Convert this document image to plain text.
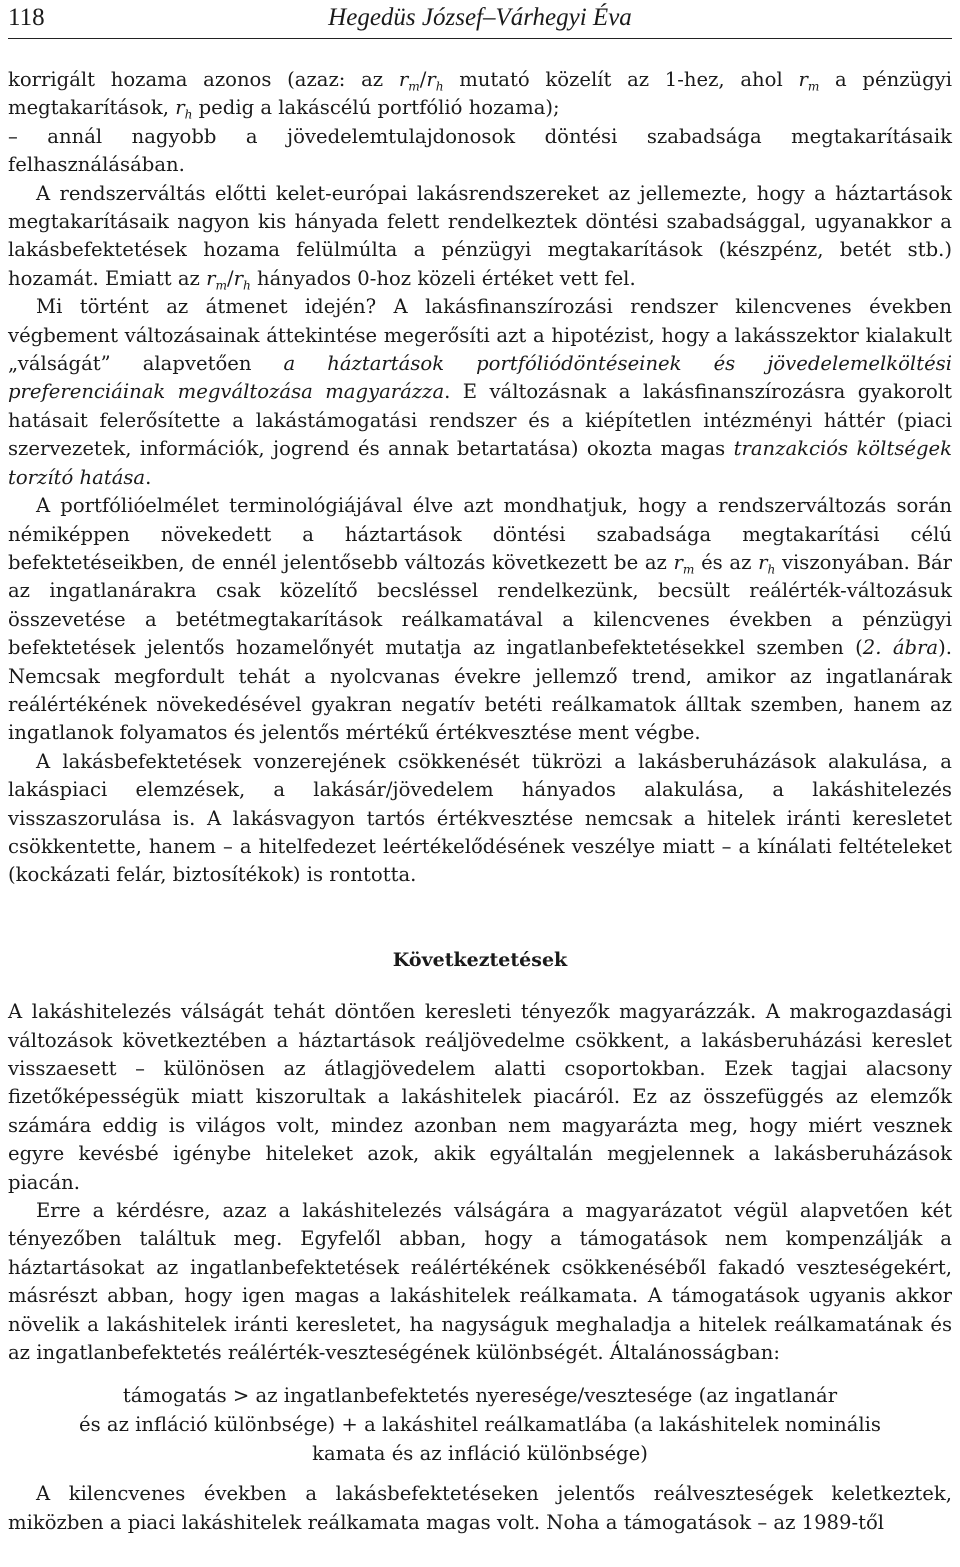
118	Hegedüs József–Várhegyi Éva

korrigált hozama azonos (azaz: az $r_m/r_h$ mutató közelít az 1-hez, ahol $r_m$ a pénzügyi megtakarítások, $r_h$ pedig a lakáscélú portfólió hozama);

– annál nagyobb a jövedelemtulajdonosok döntési szabadsága megtakarításaik felhasználásában.

A rendszerváltás előtti kelet-európai lakásrendszereket az jellemezte, hogy a háztartások megtakarításaik nagyon kis hányada felett rendelkeztek döntési szabadsággal, ugyanakkor a lakásbefektetések hozama felülmúlta a pénzügyi megtakarítások (készpénz, betét stb.) hozamát. Emiatt az $r_m/r_h$ hányados 0-hoz közeli értéket vett fel.

Mi történt az átmenet idején? A lakásfinanszírozási rendszer kilencvenes években végbement változásainak áttekintése megerősíti azt a hipotézist, hogy a lakásszektor kialakult „válságát” alapvetően a háztartások portfóliódöntéseinek és jövedelemelköltési preferenciáinak megváltozása magyarázza. E változásnak a lakásfinanszírozásra gyakorolt hatásait felerősítette a lakástámogatási rendszer és a kiépítetlen intézményi háttér (piaci szervezetek, információk, jogrend és annak betartatása) okozta magas tranzakciós költségek torzító hatása.

A portfólióelmélet terminológiájával élve azt mondhatjuk, hogy a rendszerváltozás során némiképpen növekedett a háztartások döntési szabadsága megtakarítási célú befektetéseikben, de ennél jelentősebb változás következett be az $r_m$ és az $r_h$ viszonyában. Bár az ingatlanárakra csak közelítő becsléssel rendelkezünk, becsült reálérték-változásuk összevetése a betétmegtakarítások reálkamatával a kilencvenes években a pénzügyi befektetések jelentős hozamelőnyét mutatja az ingatlanbefektetésekkel szemben (2. ábra). Nemcsak megfordult tehát a nyolcvanas évekre jellemző trend, amikor az ingatlanárak reálértékének növekedésével gyakran negatív betéti reálkamatok álltak szemben, hanem az ingatlanok folyamatos és jelentős mértékű értékvesztése ment végbe.

A lakásbefektetések vonzerejének csökkenését tükrözi a lakásberuházások alakulása, a lakáspiaci elemzések, a lakásár/jövedelem hányados alakulása, a lakáshitelezés visszaszorulása is. A lakásvagyon tartós értékvesztése nemcsak a hitelek iránti keresletet csökkentette, hanem – a hitelfedezet leértékelődésének veszélye miatt – a kínálati feltételeket (kockázati felár, biztosítékok) is rontotta.

Következtetések

A lakáshitelezés válságát tehát döntően keresleti tényezők magyarázzák. A makrogazdasági változások következtében a háztartások reáljövedelme csökkent, a lakásberuházási kereslet visszaesett – különösen az átlagjövedelem alatti csoportokban. Ezek tagjai alacsony fizetőképességük miatt kiszorultak a lakáshitelek piacáról. Ez az összefüggés az elemzők számára eddig is világos volt, mindez azonban nem magyarázta meg, hogy miért vesznek egyre kevésbé igénybe hiteleket azok, akik egyáltalán megjelennek a lakásberuházások piacán.

Erre a kérdésre, azaz a lakáshitelezés válságára a magyarázatot végül alapvetően két tényezőben találtuk meg. Egyfelől abban, hogy a támogatások nem kompenzálják a háztartásokat az ingatlanbefektetések reálértékének csökkenéséből fakadó veszteségekért, másrészt abban, hogy igen magas a lakáshitelek reálkamata. A támogatások ugyanis akkor növelik a lakáshitelek iránti keresletet, ha nagyságuk meghaladja a hitelek reálkamatának és az ingatlanbefektetés reálérték-veszteségének különbségét. Általánosságban:

támogatás > az ingatlanbefektetés nyeresége/vesztesége (az ingatlanár
és az infláció különbsége) + a lakáshitel reálkamatlába (a lakáshitelek nominális
kamata és az infláció különbsége)

A kilencvenes években a lakásbefektetéseken jelentős reálveszteségek keletkeztek, miközben a piaci lakáshitelek reálkamata magas volt. Noha a támogatások – az 1989-től
